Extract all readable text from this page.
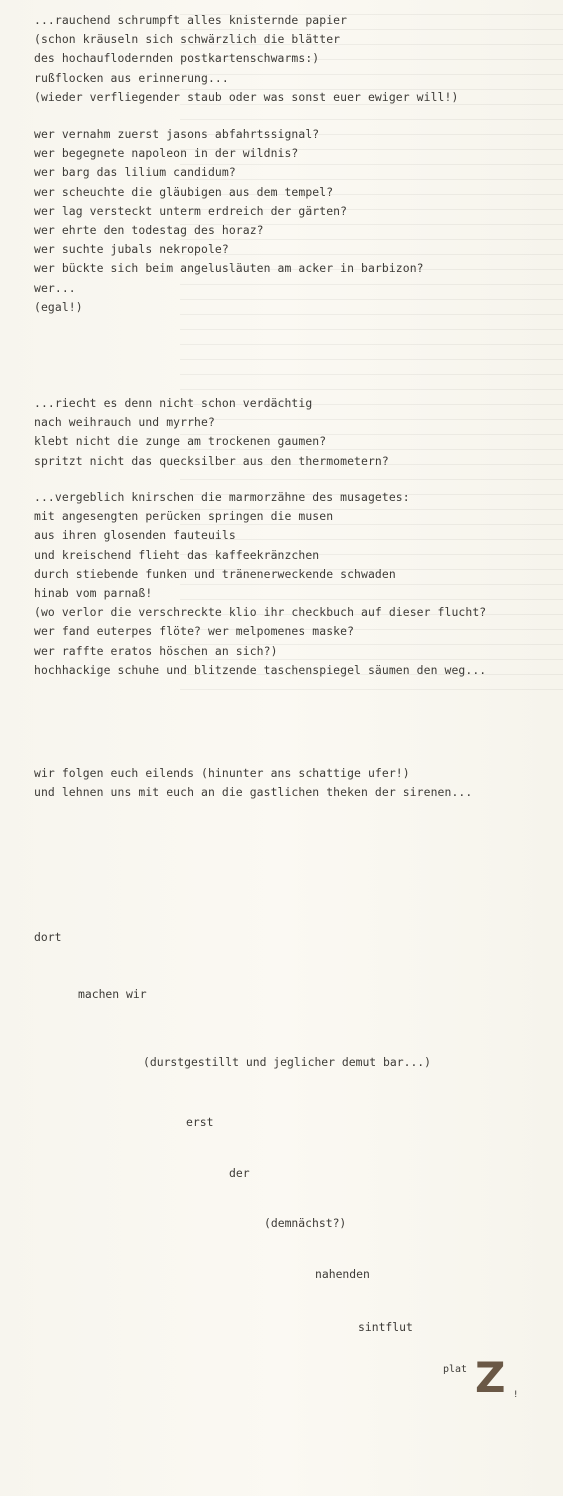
...rauchend schrumpft alles knisternde papier
(schon kräuseln sich schwärzlich die blätter
des hochauflodernden postkartenschwarms:)
rußflocken aus erinnerung...
(wieder verfliegender staub oder was sonst euer ewiger will!)
wer vernahm zuerst jasons abfahrtssignal?
wer begegnete napoleon in der wildnis?
wer barg das lilium candidum?
wer scheuchte die gläubigen aus dem tempel?
wer lag versteckt unterm erdreich der gärten?
wer ehrte den todestag des horaz?
wer suchte jubals nekropole?
wer bückte sich beim angelusläuten am acker in barbizon?
wer...
(egal!)
...riecht es denn nicht schon verdächtig
nach weihrauch und myrrhe?
klebt nicht die zunge am trockenen gaumen?
spritzt nicht das quecksilber aus den thermometern?
...vergeblich knirschen die marmorzähne des musagetes:
mit angesengten perücken springen die musen
aus ihren glosenden fauteuils
und kreischend flieht das kaffeekränzchen
durch stiebende funken und tränenerweckende schwaden
hinab vom parnaß!
(wo verlor die verschreckte klio ihr checkbuch auf dieser flucht?
wer fand euterpes flöte? wer melpomenes maske?
wer raffte eratos höschen an sich?)
hochhackige schuhe und blitzende taschenspiegel säumen den weg...
wir folgen euch eilends (hinunter ans schattige ufer!)
und lehnen uns mit euch an die gastlichen theken der sirenen...
dort
machen wir
(durstgestillt und jeglicher demut bar...)
erst
der
(demnächst?)
nahenden
sintflut
plat Z !
